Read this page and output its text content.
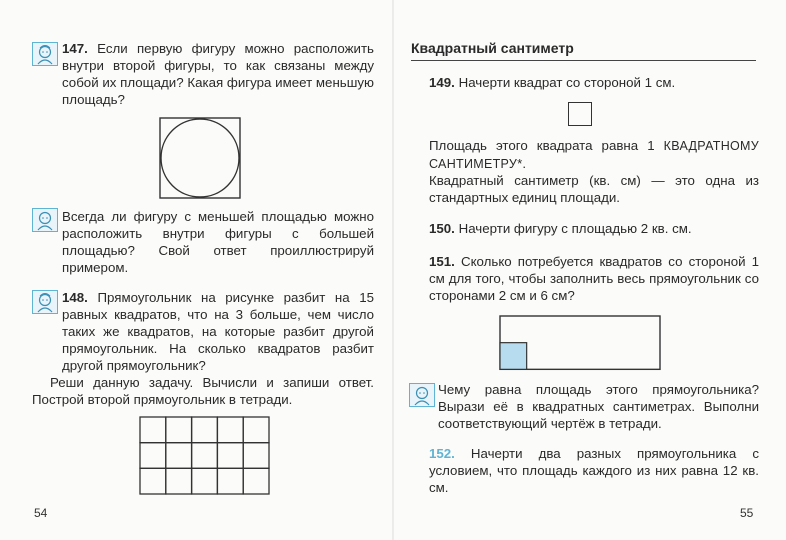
147. Если первую фигуру можно расположить внутри второй фигуры, то как связаны между собой их площади? Какая фигура имеет меньшую площадь?

Всегда ли фигуру с меньшей площадью можно расположить внутри фигуры с большей площадью? Свой ответ проиллюстрируй примером.

148. Прямоугольник на рисунке разбит на 15 равных квадратов, что на 3 больше, чем число таких же квадратов, на которые разбит другой прямоугольник. На сколько квадратов разбит другой прямоугольник?

Реши данную задачу. Вычисли и запиши ответ. Построй второй прямоугольник в тетради.

54
Квадратный сантиметр

149. Начерти квадрат со стороной 1 см.

Площадь этого квадрата равна 1 КВАДРАТНОМУ САНТИМЕТРУ*.

Квадратный сантиметр (кв. см) — это одна из стандартных единиц площади.

150. Начерти фигуру с площадью 2 кв. см.

151. Сколько потребуется квадратов со стороной 1 см для того, чтобы заполнить весь прямоугольник со сторонами 2 см и 6 см?

Чему равна площадь этого прямоугольника? Вырази её в квадратных сантиметрах. Выполни соответствующий чертёж в тетради.

152. Начерти два разных прямоугольника с условием, что площадь каждого из них равна 12 кв. см.

55
